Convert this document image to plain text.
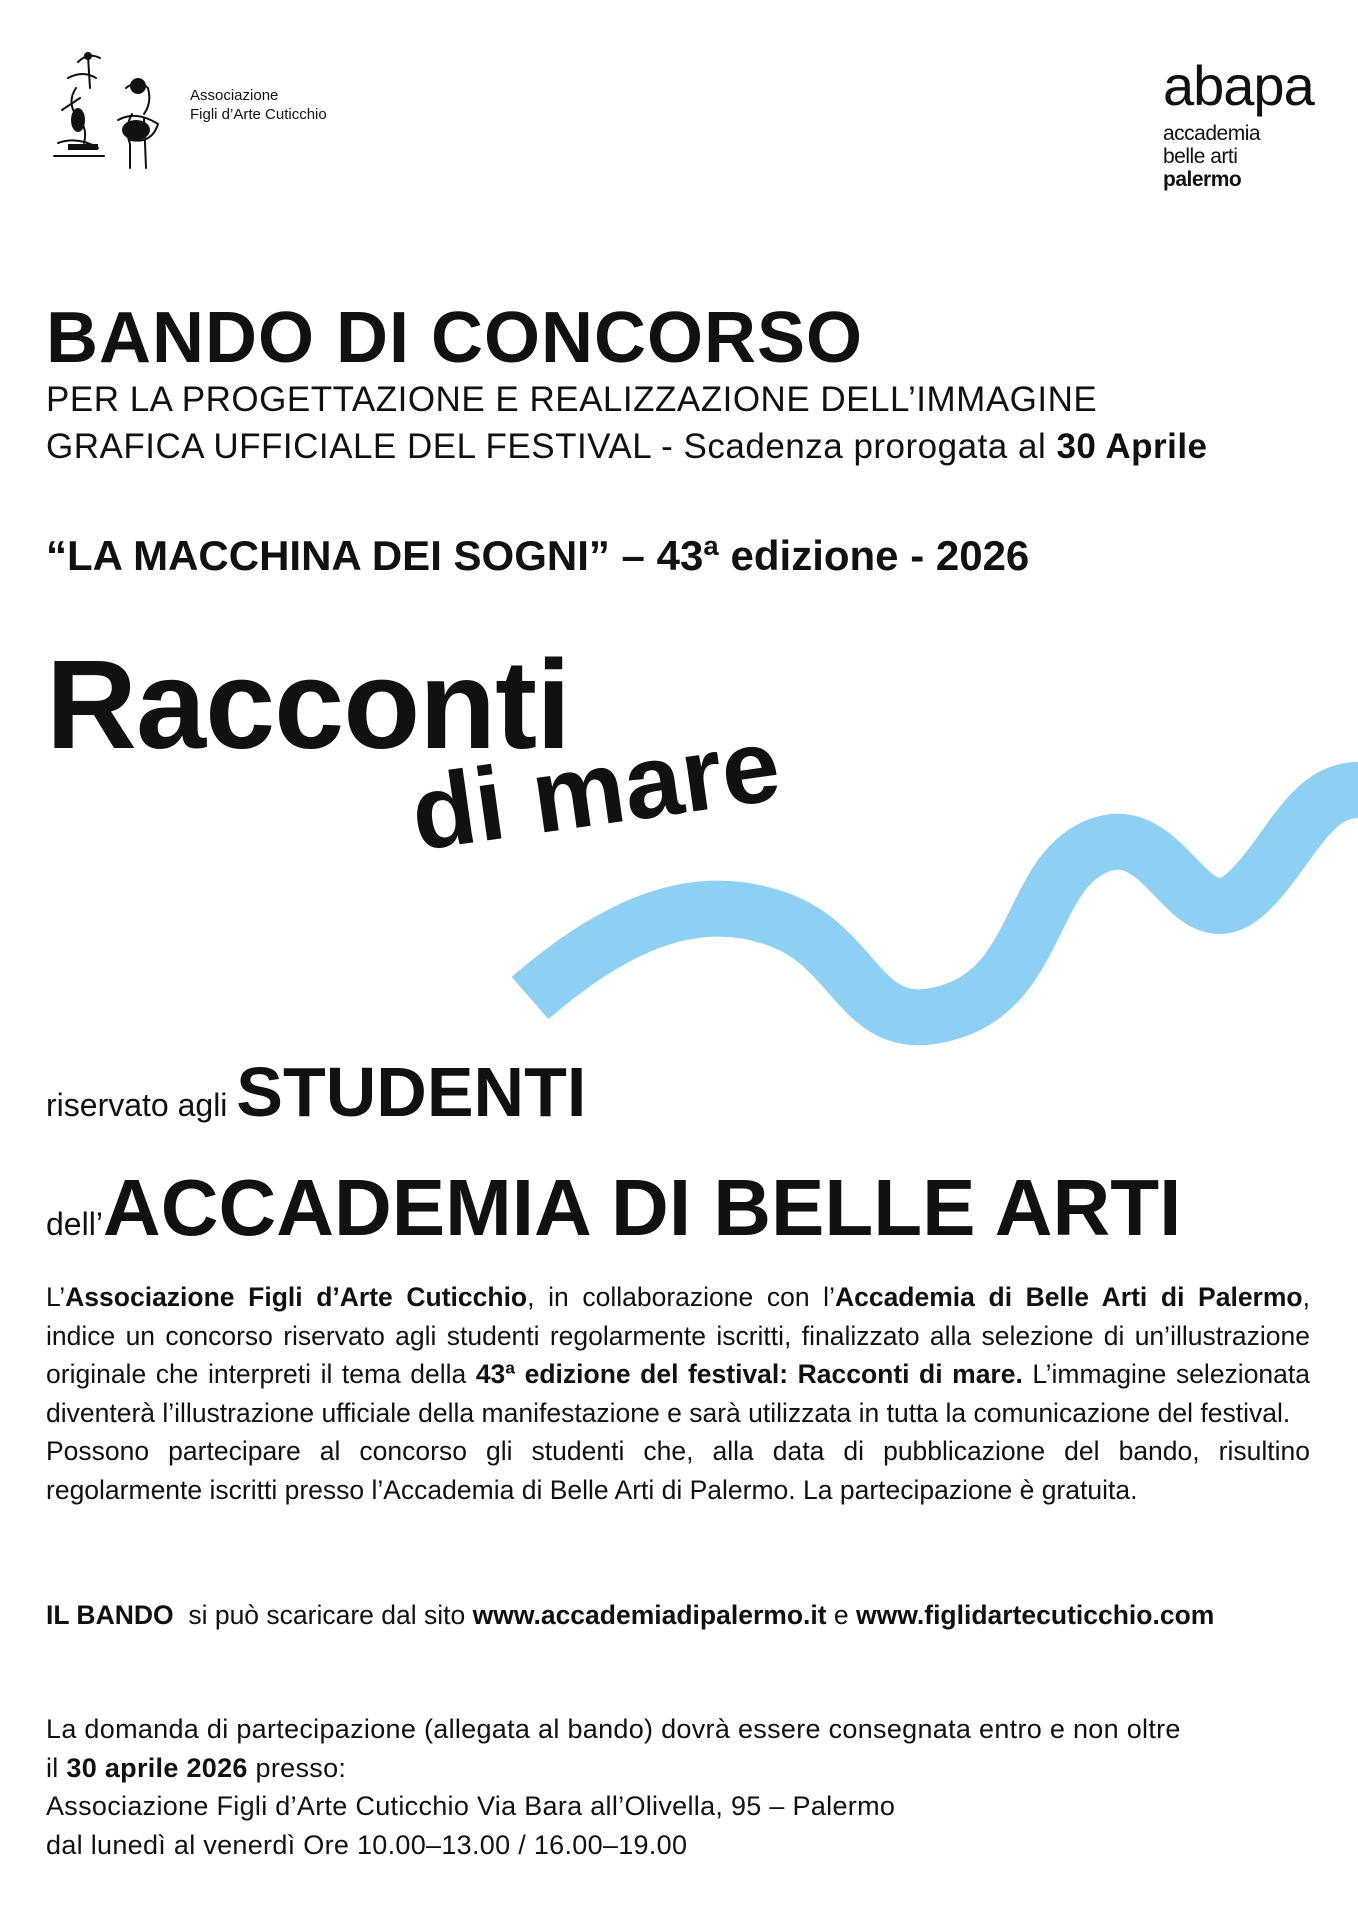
Associazione
Figli d’Arte Cuticchio	abapa
accademia
belle arti
palermo
BANDO DI CONCORSO
PER LA PROGETTAZIONE E REALIZZAZIONE DELL’IMMAGINE
GRAFICA UFFICIALE DEL FESTIVAL - Scadenza prorogata al 30 Aprile
“LA MACCHINA DEI SOGNI” – 43ª edizione - 2026
Racconti
di mare
riservato agli STUDENTI
dell’ACCADEMIA DI BELLE ARTI

L’Associazione Figli d’Arte Cuticchio, in collaborazione con l’Accademia di Belle Arti di Palermo, indice un concorso riservato agli studenti regolarmente iscritti, finalizzato alla selezione di un’illustrazione originale che interpreti il tema della 43ª edizione del festival: Racconti di mare. L’immagine selezionata diventerà l’illustrazione ufficiale della manifestazione e sarà utilizzata in tutta la comunicazione del festival.

Possono partecipare al concorso gli studenti che, alla data di pubblicazione del bando, risultino regolarmente iscritti presso l’Accademia di Belle Arti di Palermo. La partecipazione è gratuita.

IL BANDO  si può scaricare dal sito www.accademiadipalermo.it e www.figlidartecuticchio.com

La domanda di partecipazione (allegata al bando) dovrà essere consegnata entro e non oltre

il 30 aprile 2026 presso:

Associazione Figli d’Arte Cuticchio Via Bara all’Olivella, 95 – Palermo

dal lunedì al venerdì Ore 10.00–13.00 / 16.00–19.00
